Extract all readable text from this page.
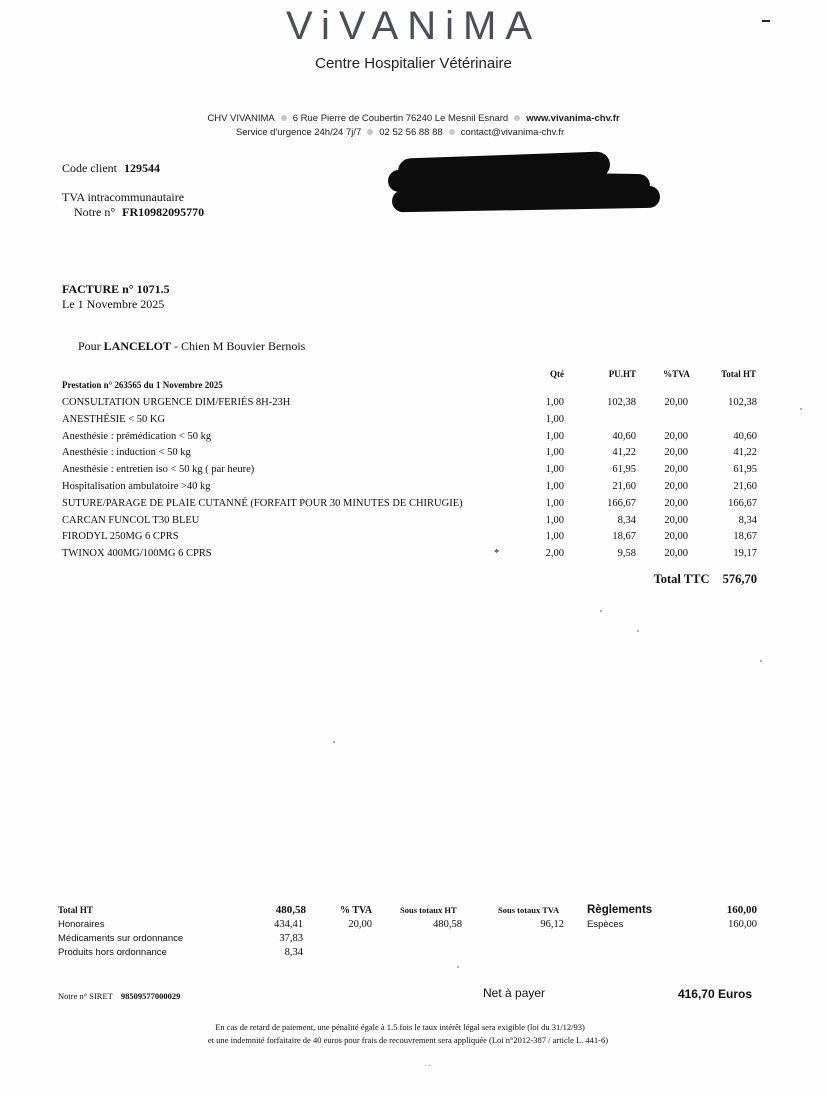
ViVANiMA
Centre Hospitalier Vétérinaire
CHV VIVANIMA 6 Rue Pierre de Coubertin 76240 Le Mesnil Esnard www.vivanima-chv.fr
Service d'urgence 24h/24 7j/7 02 52 56 88 88 contact@vivanima-chv.fr
Code client 129544
TVA intracommunautaire
Notre n° FR10982095770
FACTURE n° 1071.5
Le 1 Novembre 2025
Pour LANCELOT - Chien M Bouvier Bernois
Qté	PU.HT	%TVA	Total HT
Prestation n° 263565 du 1 Novembre 2025
CONSULTATION URGENCE DIM/FERIÉS 8H-23H	1,00	102,38	20,00	102,38
ANESTHÉSIE < 50 KG	1,00
Anesthésie : prémédication < 50 kg	1,00	40,60	20,00	40,60
Anesthésie : induction < 50 kg	1,00	41,22	20,00	41,22
Anesthésie : entretien iso < 50 kg ( par heure)	1,00	61,95	20,00	61,95
Hospitalisation ambulatoire >40 kg	1,00	21,60	20,00	21,60
SUTURE/PARAGE DE PLAIE CUTANNÉ (FORFAIT POUR 30 MINUTES DE CHIRUGIE)	1,00	166,67	20,00	166,67
CARCAN FUNCOL T30 BLEU	1,00	8,34	20,00	8,34
FIRODYL 250MG 6 CPRS	1,00	18,67	20,00	18,67
TWINOX 400MG/100MG 6 CPRS	*	2,00	9,58	20,00	19,17
Total TTC 576,70
Total HT	480,58
Honoraires	434,41
Médicaments sur ordonnance	37,83
Produits hors ordonnance	8,34
% TVA
20,00
Sous totaux HT
480,58
Sous totaux TVA
96,12
Règlements	160,00
Espèces	160,00
Notre n° SIRET 98509577000029	Net à payer	416,70 Euros
En cas de retard de paiement, une pénalité égale à 1.5 fois le taux intérêt légal sera exigible (loi du 31/12/93)
et une indemnité forfaitaire de 40 euros pour frais de recouvrement sera appliquée (Loi n°2012-387 / article L. 441-6)
· ·
